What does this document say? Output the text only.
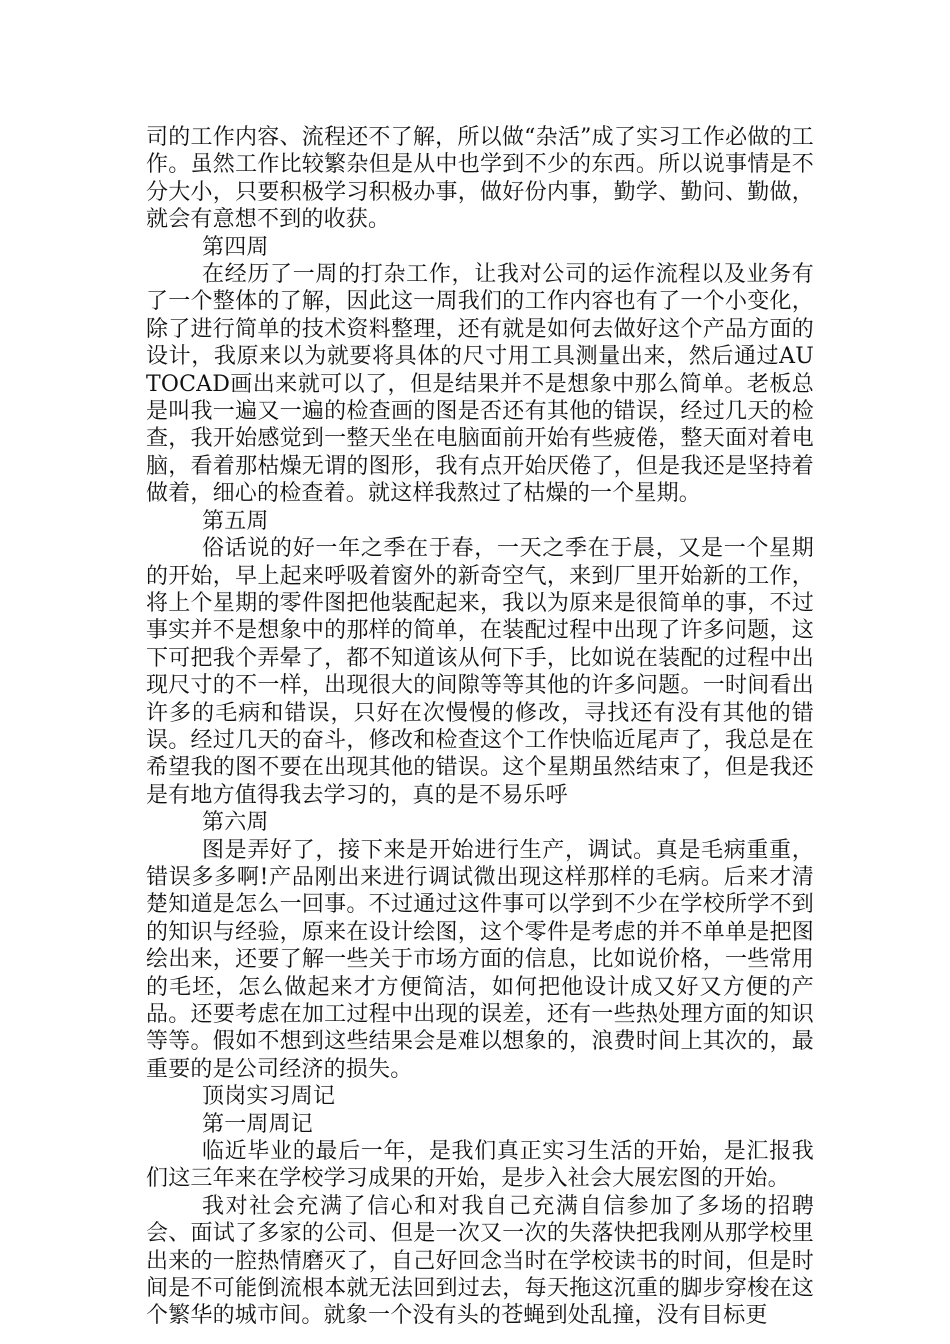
司的工作内容、流程还不了解，所以做“杂活”成了实习工作必做的工作。虽然工作比较繁杂但是从中也学到不少的东西。所以说事情是不分大小，只要积极学习积极办事，做好份内事，勤学、勤问、勤做，就会有意想不到的收获。

第四周

在经历了一周的打杂工作，让我对公司的运作流程以及业务有了一个整体的了解，因此这一周我们的工作内容也有了一个小变化，除了进行简单的技术资料整理，还有就是如何去做好这个产品方面的设计，我原来以为就要将具体的尺寸用工具测量出来，然后通过AUTOCAD画出来就可以了，但是结果并不是想象中那么简单。老板总是叫我一遍又一遍的检查画的图是否还有其他的错误，经过几天的检查，我开始感觉到一整天坐在电脑面前开始有些疲倦，整天面对着电脑，看着那枯燥无谓的图形，我有点开始厌倦了，但是我还是坚持着做着，细心的检查着。就这样我熬过了枯燥的一个星期。

第五周

俗话说的好一年之季在于春，一天之季在于晨，又是一个星期的开始，早上起来呼吸着窗外的新奇空气，来到厂里开始新的工作，将上个星期的零件图把他装配起来，我以为原来是很简单的事，不过事实并不是想象中的那样的简单，在装配过程中出现了许多问题，这下可把我个弄晕了，都不知道该从何下手，比如说在装配的过程中出现尺寸的不一样，出现很大的间隙等等其他的许多问题。一时间看出许多的毛病和错误，只好在次慢慢的修改，寻找还有没有其他的错误。经过几天的奋斗，修改和检查这个工作快临近尾声了，我总是在希望我的图不要在出现其他的错误。这个星期虽然结束了，但是我还是有地方值得我去学习的，真的是不易乐呼

第六周

图是弄好了，接下来是开始进行生产，调试。真是毛病重重，错误多多啊!产品刚出来进行调试微出现这样那样的毛病。后来才清楚知道是怎么一回事。不过通过这件事可以学到不少在学校所学不到的知识与经验，原来在设计绘图，这个零件是考虑的并不单单是把图绘出来，还要了解一些关于市场方面的信息，比如说价格，一些常用的毛坯，怎么做起来才方便简洁，如何把他设计成又好又方便的产品。还要考虑在加工过程中出现的误差，还有一些热处理方面的知识等等。假如不想到这些结果会是难以想象的，浪费时间上其次的，最重要的是公司经济的损失。

顶岗实习周记

第一周周记

临近毕业的最后一年，是我们真正实习生活的开始，是汇报我们这三年来在学校学习成果的开始，是步入社会大展宏图的开始。

我对社会充满了信心和对我自己充满自信参加了多场的招聘会、面试了多家的公司、但是一次又一次的失落快把我刚从那学校里出来的一腔热情磨灭了，自己好回念当时在学校读书的时间，但是时间是不可能倒流根本就无法回到过去，每天拖这沉重的脚步穿梭在这个繁华的城市间。就象一个没有头的苍蝇到处乱撞，没有目标更
